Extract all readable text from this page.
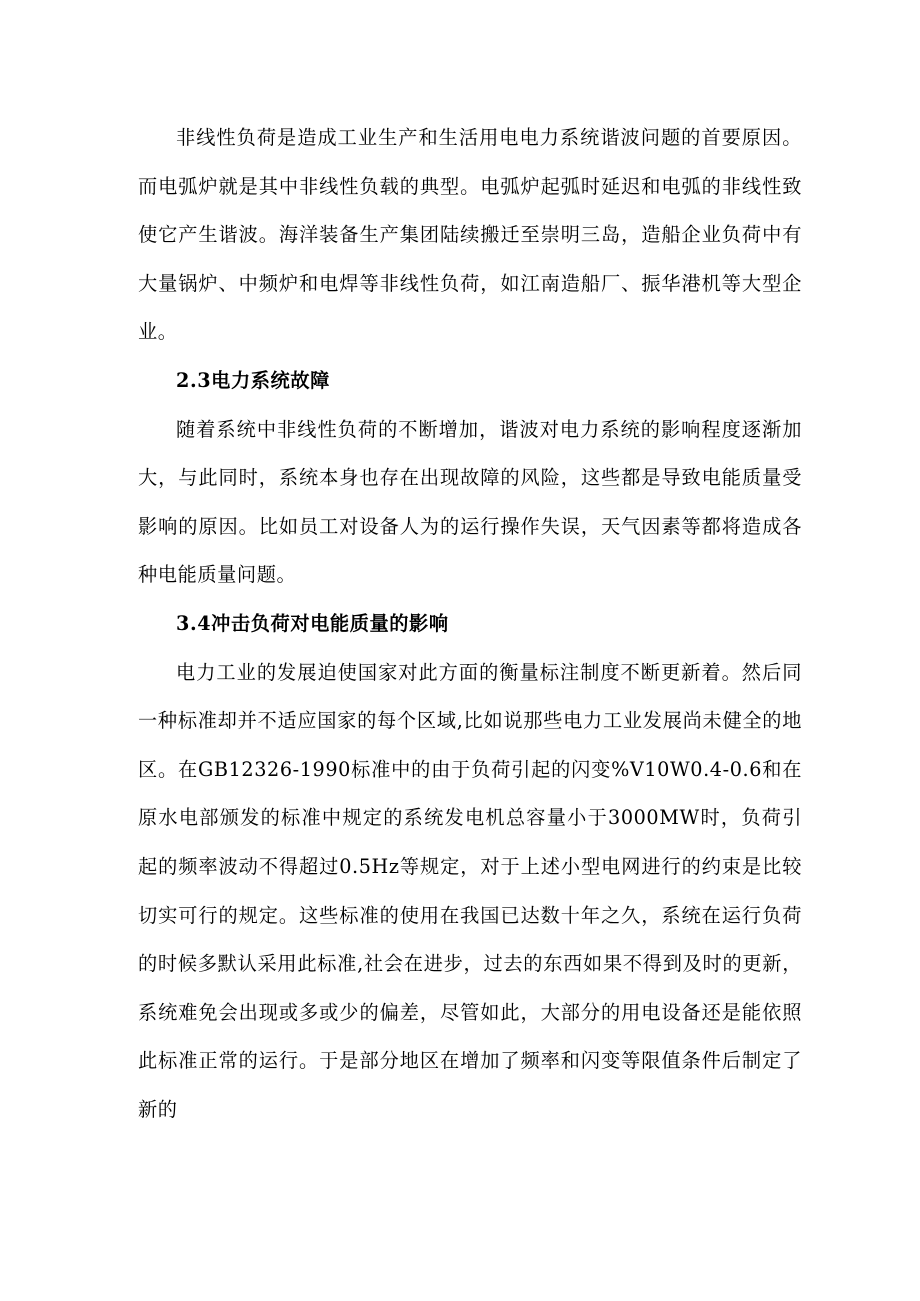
非线性负荷是造成工业生产和生活用电电力系统谐波问题的首要原因。而电弧炉就是其中非线性负载的典型。电弧炉起弧时延迟和电弧的非线性致使它产生谐波。海洋装备生产集团陆续搬迁至崇明三岛，造船企业负荷中有大量锅炉、中频炉和电焊等非线性负荷，如江南造船厂、振华港机等大型企业。

2.3电力系统故障

随着系统中非线性负荷的不断增加，谐波对电力系统的影响程度逐渐加大，与此同时，系统本身也存在出现故障的风险，这些都是导致电能质量受影响的原因。比如员工对设备人为的运行操作失误，天气因素等都将造成各种电能质量问题。

3.4冲击负荷对电能质量的影响

电力工业的发展迫使国家对此方面的衡量标注制度不断更新着。然后同一种标准却并不适应国家的每个区域,比如说那些电力工业发展尚未健全的地区。在GB12326-1990标准中的由于负荷引起的闪变%V10W0.4-0.6和在原水电部颁发的标准中规定的系统发电机总容量小于3000MW时，负荷引起的频率波动不得超过0.5Hz等规定，对于上述小型电网进行的约束是比较切实可行的规定。这些标准的使用在我国已达数十年之久，系统在运行负荷的时候多默认采用此标准,社会在进步，过去的东西如果不得到及时的更新，系统难免会出现或多或少的偏差，尽管如此，大部分的用电设备还是能依照此标准正常的运行。于是部分地区在增加了频率和闪变等限值条件后制定了新的
